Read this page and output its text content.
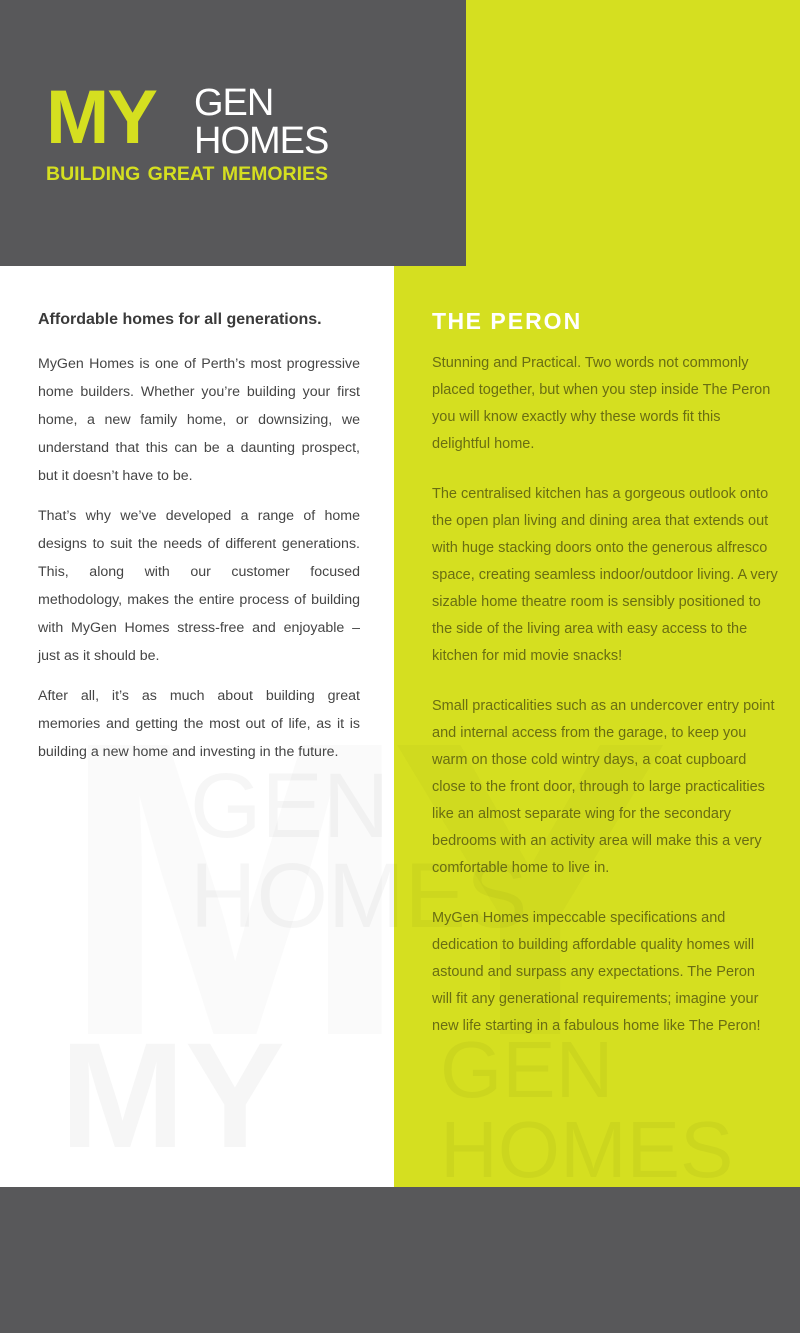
MY GEN
HOMES
BUILDING GREAT MEMORIES
Affordable homes for all generations.

MyGen Homes is one of Perth’s most progressive home builders. Whether you’re building your first home, a new family home, or downsizing, we understand that this can be a daunting prospect, but it doesn’t have to be.

That’s why we’ve developed a range of home designs to suit the needs of different generations. This, along with our customer focused methodology, makes the entire process of building with MyGen Homes stress-free and enjoyable – just as it should be.

After all, it’s as much about building great memories and getting the most out of life, as it is building a new home and investing in the future.

THE PERON

Stunning and Practical. Two words not commonly placed together, but when you step inside The Peron you will know exactly why these words fit this delightful home.

The centralised kitchen has a gorgeous outlook onto the open plan living and dining area that extends out with huge stacking doors onto the generous alfresco space, creating seamless indoor/outdoor living. A very sizable home theatre room is sensibly positioned to the side of the living area with easy access to the kitchen for mid movie snacks!

Small practicalities such as an undercover entry point and internal access from the garage, to keep you warm on those cold wintry days, a coat cupboard close to the front door, through to large practicalities like an almost separate wing for the secondary bedrooms with an activity area will make this a very comfortable home to live in.

MyGen Homes impeccable specifications and dedication to building affordable quality homes will astound and surpass any expectations. The Peron will fit any generational requirements; imagine your new life starting in a fabulous home like The Peron!
